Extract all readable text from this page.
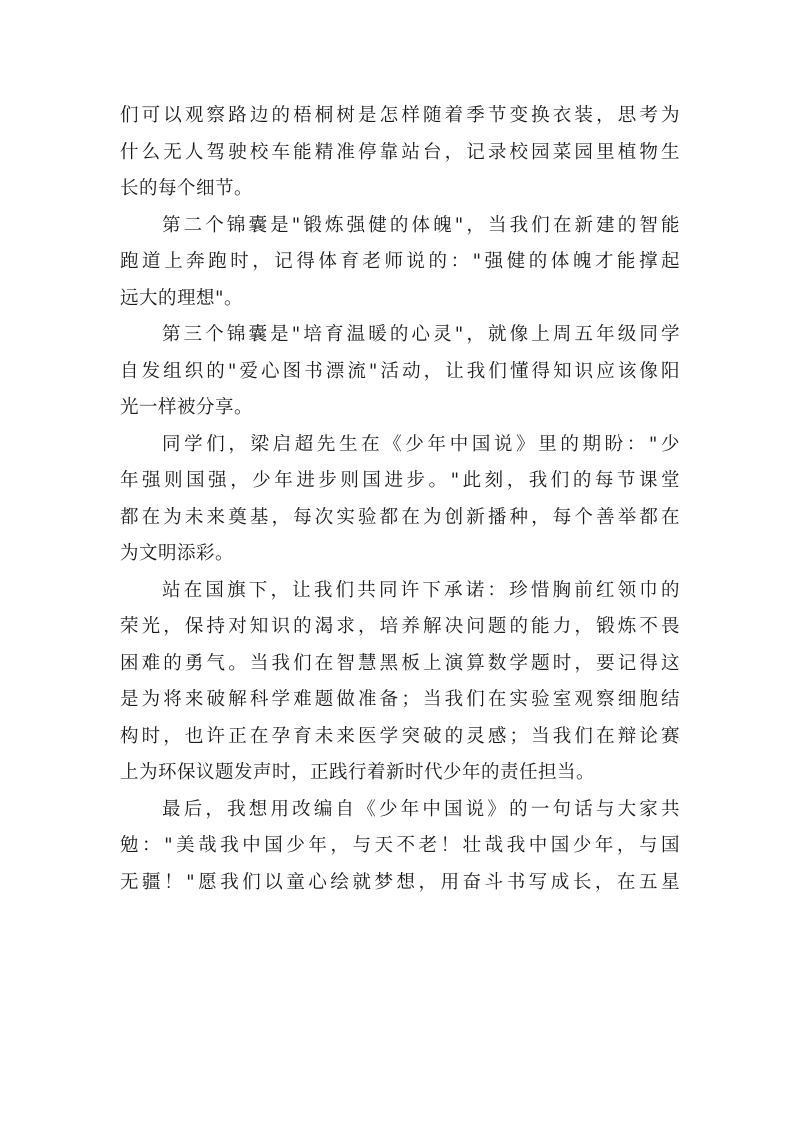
们可以观察路边的梧桐树是怎样随着季节变换衣装，思考为
什么无人驾驶校车能精准停靠站台，记录校园菜园里植物生
长的每个细节。
第二个锦囊是"锻炼强健的体魄"，当我们在新建的智能
跑道上奔跑时，记得体育老师说的："强健的体魄才能撑起
远大的理想"。
第三个锦囊是"培育温暖的心灵"，就像上周五年级同学
自发组织的"爱心图书漂流"活动，让我们懂得知识应该像阳
光一样被分享。
同学们，梁启超先生在《少年中国说》里的期盼："少
年强则国强，少年进步则国进步。"此刻，我们的每节课堂
都在为未来奠基，每次实验都在为创新播种，每个善举都在
为文明添彩。
站在国旗下，让我们共同许下承诺：珍惜胸前红领巾的
荣光，保持对知识的渴求，培养解决问题的能力，锻炼不畏
困难的勇气。当我们在智慧黑板上演算数学题时，要记得这
是为将来破解科学难题做准备；当我们在实验室观察细胞结
构时，也许正在孕育未来医学突破的灵感；当我们在辩论赛
上为环保议题发声时，正践行着新时代少年的责任担当。
最后，我想用改编自《少年中国说》的一句话与大家共
勉："美哉我中国少年，与天不老！壮哉我中国少年，与国
无疆！"愿我们以童心绘就梦想，用奋斗书写成长，在五星
